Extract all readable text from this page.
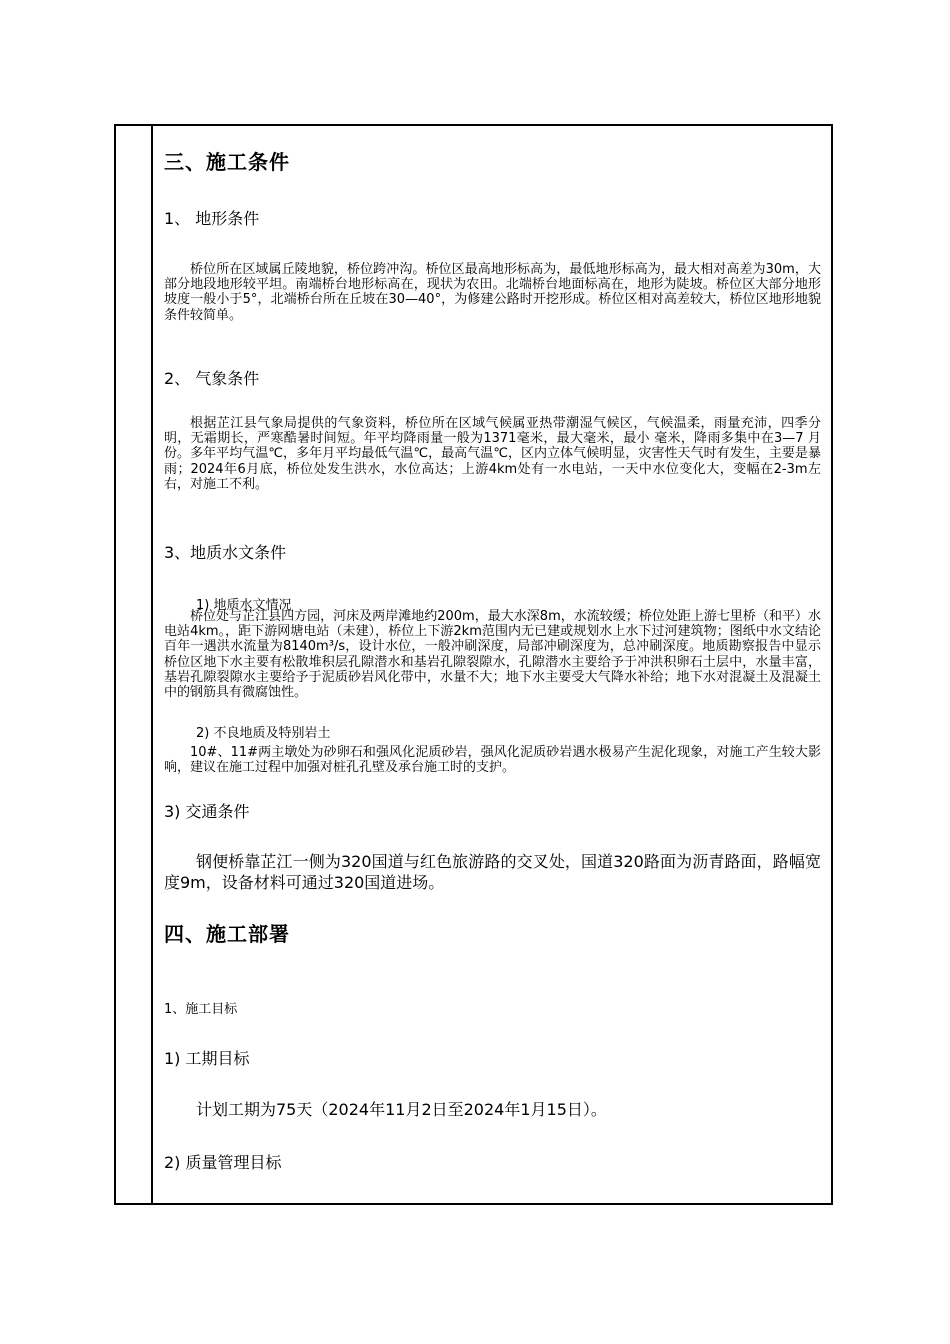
三、施工条件
1、 地形条件

桥位所在区域属丘陵地貌，桥位跨冲沟。桥位区最高地形标高为，最低地形标高为，最大相对高差为30m，大部分地段地形较平坦。南端桥台地形标高在，现状为农田。北端桥台地面标高在，地形为陡坡。桥位区大部分地形坡度一般小于5°，北端桥台所在丘坡在30—40°，为修建公路时开挖形成。桥位区相对高差较大，桥位区地形地貌条件较简单。

2、 气象条件

根据芷江县气象局提供的气象资料，桥位所在区域气候属亚热带潮湿气候区，气候温柔，雨量充沛，四季分明，无霜期长，严寒酷暑时间短。年平均降雨量一般为1371毫米，最大毫米，最小 毫米，降雨多集中在3—7 月份。多年平均气温℃，多年月平均最低气温℃，最高气温℃，区内立体气候明显，灾害性天气时有发生，主要是暴雨；2024年6月底，桥位处发生洪水，水位高达；上游4km处有一水电站，一天中水位变化大，变幅在2-3m左右，对施工不利。

3、地质水文条件
1) 地质水文情况

桥位处与芷江县四方园，河床及两岸滩地约200m，最大水深8m，水流较缓；桥位处距上游七里桥（和平）水电站4km。，距下游网塘电站（未建），桥位上下游2km范围内无已建或规划水上水下过河建筑物；图纸中水文结论百年一遇洪水流量为8140m³/s，设计水位，一般冲刷深度，局部冲刷深度为，总冲刷深度。地质勘察报告中显示桥位区地下水主要有松散堆积层孔隙潜水和基岩孔隙裂隙水，孔隙潜水主要给予于冲洪积卵石土层中，水量丰富，基岩孔隙裂隙水主要给予于泥质砂岩风化带中，水量不大；地下水主要受大气降水补给；地下水对混凝土及混凝土中的钢筋具有微腐蚀性。

2) 不良地质及特别岩土

10#、11#两主墩处为砂卵石和强风化泥质砂岩，强风化泥质砂岩遇水极易产生泥化现象，对施工产生较大影响，建议在施工过程中加强对桩孔孔壁及承台施工时的支护。

3) 交通条件

钢便桥靠芷江一侧为320国道与红色旅游路的交叉处，国道320路面为沥青路面，路幅宽度9m，设备材料可通过320国道进场。

四、施工部署
1、施工目标
1) 工期目标

计划工期为75天（2024年11月2日至2024年1月15日）。

2) 质量管理目标
